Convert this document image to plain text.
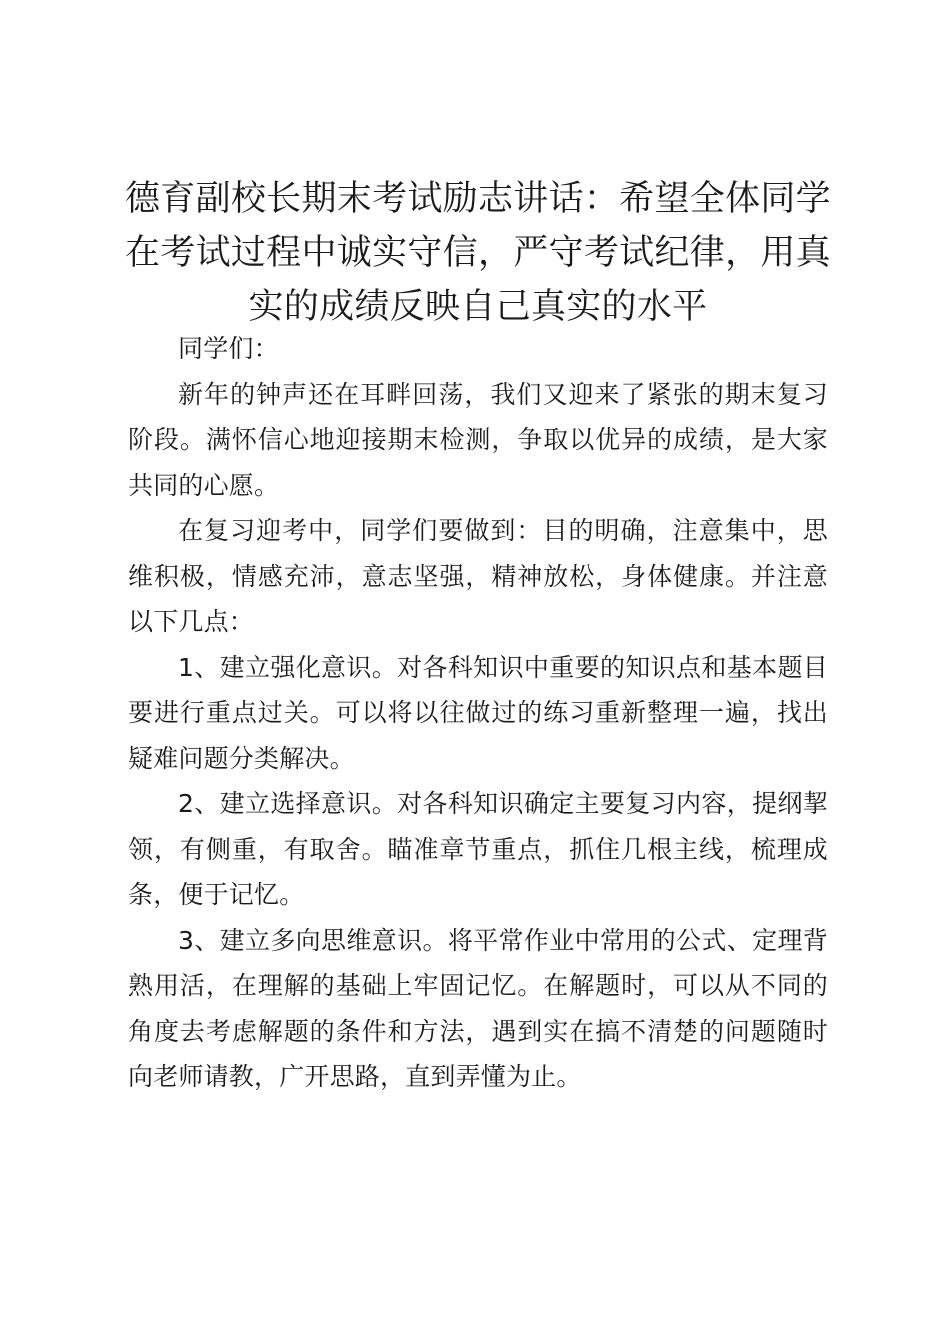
德育副校长期末考试励志讲话：希望全体同学在考试过程中诚实守信，严守考试纪律，用真实的成绩反映自己真实的水平

同学们：

新年的钟声还在耳畔回荡，我们又迎来了紧张的期末复习阶段。满怀信心地迎接期末检测，争取以优异的成绩，是大家共同的心愿。

在复习迎考中，同学们要做到：目的明确，注意集中，思维积极，情感充沛，意志坚强，精神放松，身体健康。并注意以下几点：

1、建立强化意识。对各科知识中重要的知识点和基本题目要进行重点过关。可以将以往做过的练习重新整理一遍，找出疑难问题分类解决。

2、建立选择意识。对各科知识确定主要复习内容，提纲挈领，有侧重，有取舍。瞄准章节重点，抓住几根主线，梳理成条，便于记忆。

3、建立多向思维意识。将平常作业中常用的公式、定理背熟用活，在理解的基础上牢固记忆。在解题时，可以从不同的角度去考虑解题的条件和方法，遇到实在搞不清楚的问题随时向老师请教，广开思路，直到弄懂为止。
